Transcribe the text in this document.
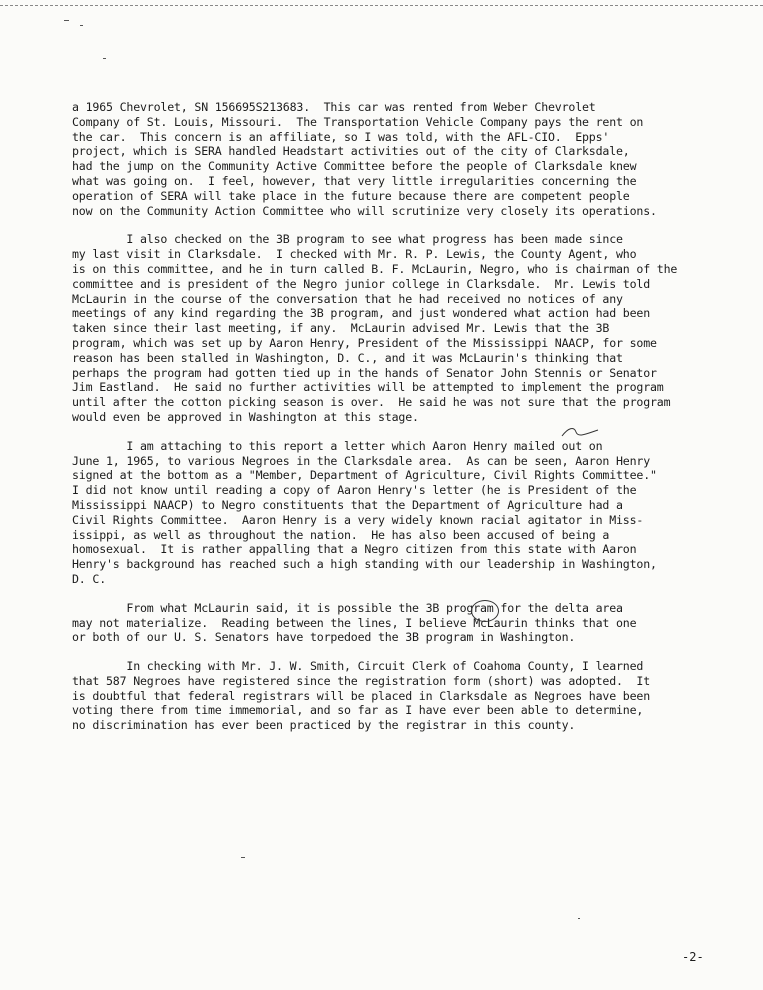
a 1965 Chevrolet, SN 156695S213683.  This car was rented from Weber Chevrolet
Company of St. Louis, Missouri.  The Transportation Vehicle Company pays the rent on
the car.  This concern is an affiliate, so I was told, with the AFL-CIO.  Epps'
project, which is SERA handled Headstart activities out of the city of Clarksdale,
had the jump on the Community Active Committee before the people of Clarksdale knew
what was going on.  I feel, however, that very little irregularities concerning the
operation of SERA will take place in the future because there are competent people
now on the Community Action Committee who will scrutinize very closely its operations.

I also checked on the 3B program to see what progress has been made since
my last visit in Clarksdale.  I checked with Mr. R. P. Lewis, the County Agent, who
is on this committee, and he in turn called B. F. McLaurin, Negro, who is chairman of the
committee and is president of the Negro junior college in Clarksdale.  Mr. Lewis told
McLaurin in the course of the conversation that he had received no notices of any
meetings of any kind regarding the 3B program, and just wondered what action had been
taken since their last meeting, if any.  McLaurin advised Mr. Lewis that the 3B
program, which was set up by Aaron Henry, President of the Mississippi NAACP, for some
reason has been stalled in Washington, D. C., and it was McLaurin's thinking that
perhaps the program had gotten tied up in the hands of Senator John Stennis or Senator
Jim Eastland.  He said no further activities will be attempted to implement the program
until after the cotton picking season is over.  He said he was not sure that the program
would even be approved in Washington at this stage.

I am attaching to this report a letter which Aaron Henry mailed out on
June 1, 1965, to various Negroes in the Clarksdale area.  As can be seen, Aaron Henry
signed at the bottom as a "Member, Department of Agriculture, Civil Rights Committee."
I did not know until reading a copy of Aaron Henry's letter (he is President of the
Mississippi NAACP) to Negro constituents that the Department of Agriculture had a
Civil Rights Committee.  Aaron Henry is a very widely known racial agitator in Miss-
issippi, as well as throughout the nation.  He has also been accused of being a
homosexual.  It is rather appalling that a Negro citizen from this state with Aaron
Henry's background has reached such a high standing with our leadership in Washington,
D. C.

From what McLaurin said, it is possible the 3B program for the delta area
may not materialize.  Reading between the lines, I believe McLaurin thinks that one
or both of our U. S. Senators have torpedoed the 3B program in Washington.

In checking with Mr. J. W. Smith, Circuit Clerk of Coahoma County, I learned
that 587 Negroes have registered since the registration form (short) was adopted.  It
is doubtful that federal registrars will be placed in Clarksdale as Negroes have been
voting there from time immemorial, and so far as I have ever been able to determine,
no discrimination has ever been practiced by the registrar in this county.

-2-
